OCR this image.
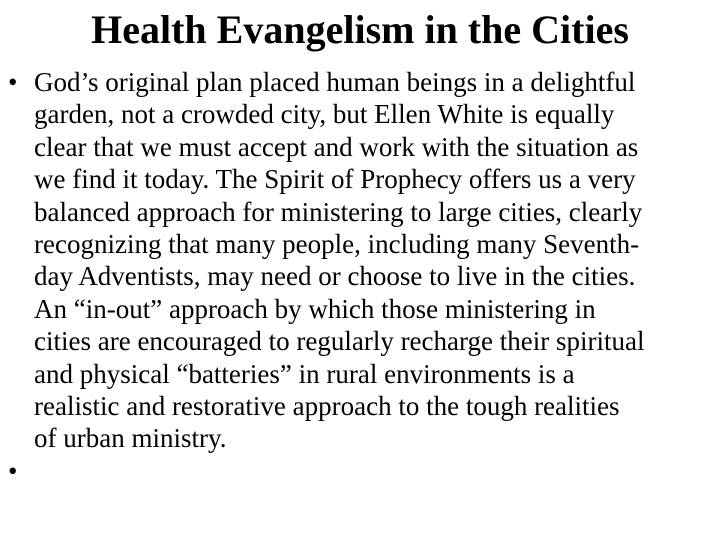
Health Evangelism in the Cities
• God’s original plan placed human beings in a delightful
garden, not a crowded city, but Ellen White is equally
clear that we must accept and work with the situation as
we find it today. The Spirit of Prophecy offers us a very
balanced approach for ministering to large cities, clearly
recognizing that many people, including many Seventh-
day Adventists, may need or choose to live in the cities.
An “in-out” approach by which those ministering in
cities are encouraged to regularly recharge their spiritual
and physical “batteries” in rural environments is a
realistic and restorative approach to the tough realities
of urban ministry.
•
